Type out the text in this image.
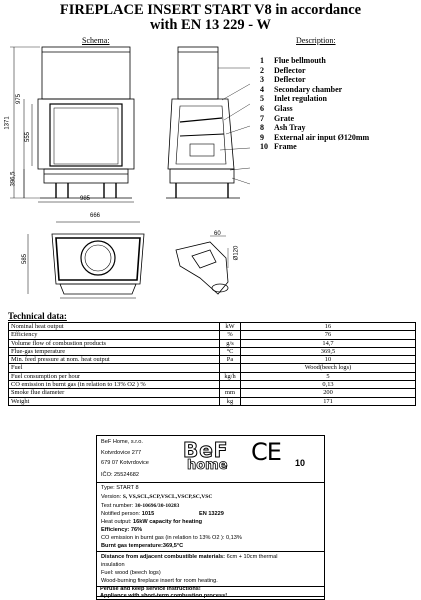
FIREPLACE INSERT START V8 in accordance
with EN 13 229 - W
Schema:	Description:
1371
975
555
396,5
985
1 Flue bellmouth
2 Deflector
3 Deflector
4 Secondary chamber
5 Inlet regulation
6 Glass
7 Grate
8 Ash Tray
9 External air input Ø120mm
10 Frame
666
585
60
Ø120
Technical data:
Nominal heat output	kW	16
Efficiency	%	76
Volume flow of combustion products	g/s	14,7
Flue-gas temperature	°C	369,5
Min. feed pressure at nom. heat output	Pa	10
Fuel		Wood(beech logs)
Fuel consumption per hour	kg/h	5
CO emission in burnt gas (in relation to 13% O2 ) %		0,13
Smoke flue diameter	mm	200
Weight	kg	171
BeF Home, s.r.o.
Kotvrdovice 277
679 07 Kotvrdovice
IČO: 25524682
BeF
home CE 10
Type: START 8
Version: S, VS,SCL,SCP,VSCL,VSCP,SC,VSC
Test number: 30-10696/30-10283
Notified person: 1015	EN 13229
Heat output: 16kW capacity for heating
Efficiency: 76%
CO emission in burnt gas (in relation to 13% O2 ): 0,13%
Burnt gas temperature:369,5°C
Distance from adjacent combustible materials: 6cm + 10cm thermal
insulation
Fuel: wood (beech logs)
Wood-burning fireplace insert for room heating.
Peruse and keep service instructions!
Appliance with short-term combustion process!
